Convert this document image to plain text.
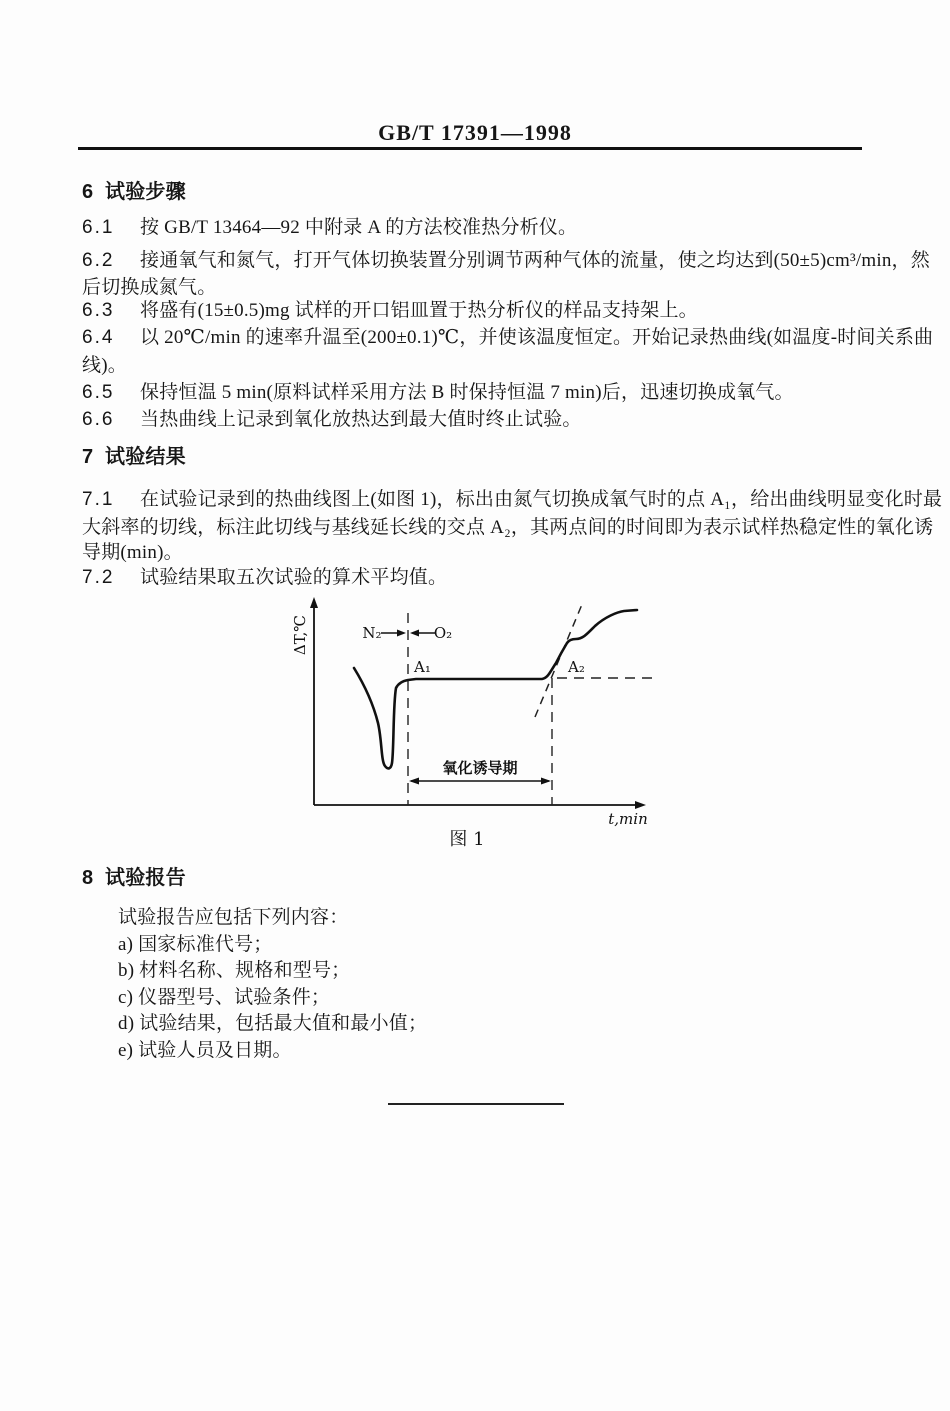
GB/T 17391—1998
6 试验步骤
6.1 按 GB/T 13464—92 中附录 A 的方法校准热分析仪。
6.2 接通氧气和氮气，打开气体切换装置分别调节两种气体的流量，使之均达到(50±5)cm³/min，然
后切换成氮气。
6.3 将盛有(15±0.5)mg 试样的开口铝皿置于热分析仪的样品支持架上。
6.4 以 20℃/min 的速率升温至(200±0.1)℃，并使该温度恒定。开始记录热曲线(如温度-时间关系曲
线)。
6.5 保持恒温 5 min(原料试样采用方法 B 时保持恒温 7 min)后，迅速切换成氧气。
6.6 当热曲线上记录到氧化放热达到最大值时终止试验。
7 试验结果
7.1 在试验记录到的热曲线图上(如图 1)，标出由氮气切换成氧气时的点 A₁，给出曲线明显变化时最
大斜率的切线，标注此切线与基线延长线的交点 A₂，其两点间的时间即为表示试样热稳定性的氧化诱
导期(min)。
7.2 试验结果取五次试验的算术平均值。
ΔT,℃	N₂	O₂
A₁	A₂
氧化诱导期
t,min
图 1
8 试验报告
试验报告应包括下列内容：
a) 国家标准代号；
b) 材料名称、规格和型号；
c) 仪器型号、试验条件；
d) 试验结果，包括最大值和最小值；
e) 试验人员及日期。
